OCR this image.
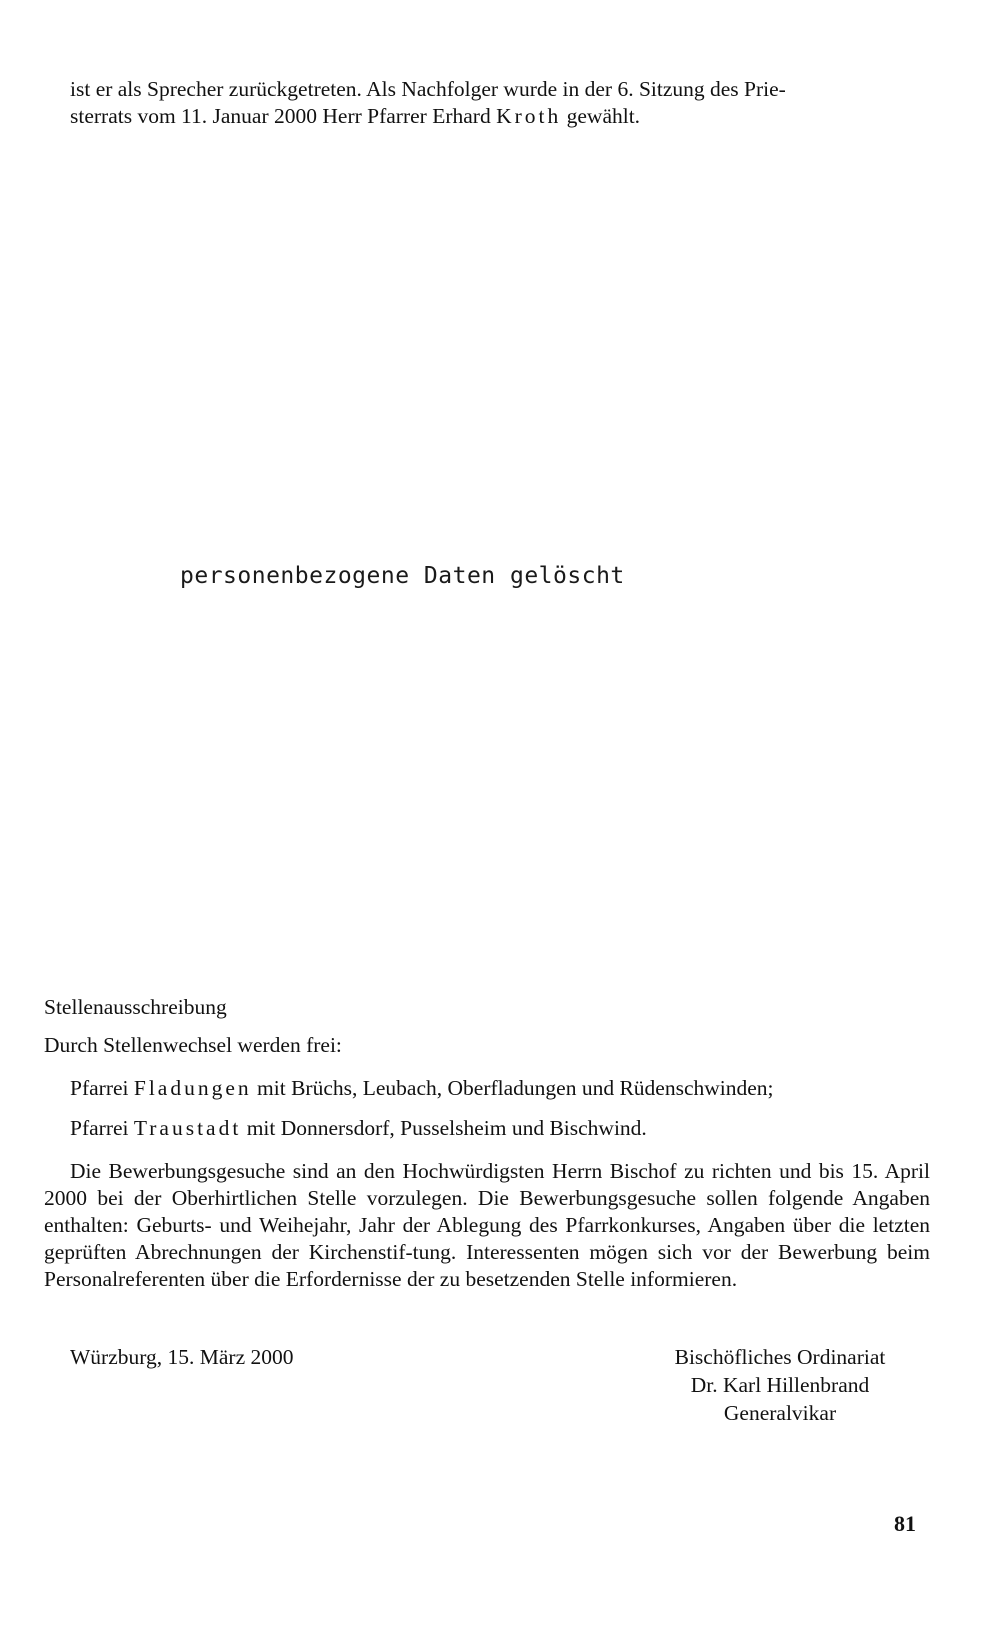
ist er als Sprecher zurückgetreten. Als Nachfolger wurde in der 6. Sitzung des Prie-
sterrats vom 11. Januar 2000 Herr Pfarrer Erhard Kroth gewählt.

personenbezogene Daten gelöscht

Stellenausschreibung

Durch Stellenwechsel werden frei:

Pfarrei Fladungen mit Brüchs, Leubach, Oberfladungen und Rüdenschwinden;

Pfarrei Traustadt mit Donnersdorf, Pusselsheim und Bischwind.

Die Bewerbungsgesuche sind an den Hochwürdigsten Herrn Bischof zu richten und bis 15. April 2000 bei der Oberhirtlichen Stelle vorzulegen. Die Bewerbungsgesuche sollen folgende Angaben enthalten: Geburts- und Weihejahr, Jahr der Ablegung des Pfarrkonkurses, Angaben über die letzten geprüften Abrechnungen der Kirchenstif-tung. Interessenten mögen sich vor der Bewerbung beim Personalreferenten über die Erfordernisse der zu besetzenden Stelle informieren.

Würzburg, 15. März 2000	Bischöfliches Ordinariat
Dr. Karl Hillenbrand
Generalvikar

81
